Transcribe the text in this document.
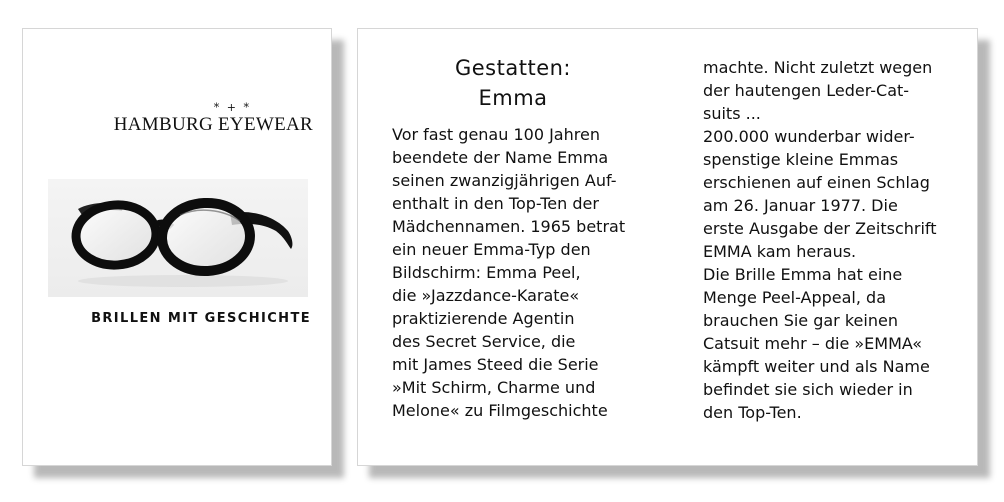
* + *
HAMBURG EYEWEAR
BRILLEN MIT GESCHICHTE
Gestatten:
Emma
Vor fast genau 100 Jahren
beendete der Name Emma
seinen zwanzigjährigen Auf-
enthalt in den Top-Ten der
Mädchennamen. 1965 betrat
ein neuer Emma-Typ den
Bildschirm: Emma Peel,
die »Jazzdance-Karate«
praktizierende Agentin
des Secret Service, die
mit James Steed die Serie
»Mit Schirm, Charme und
Melone« zu Filmgeschichte
machte. Nicht zuletzt wegen
der hautengen Leder-Cat-
suits ...
200.000 wunderbar wider-
spenstige kleine Emmas
erschienen auf einen Schlag
am 26. Januar 1977. Die
erste Ausgabe der Zeitschrift
EMMA kam heraus.
Die Brille Emma hat eine
Menge Peel-Appeal, da
brauchen Sie gar keinen
Catsuit mehr – die »EMMA«
kämpft weiter und als Name
befindet sie sich wieder in
den Top-Ten.
